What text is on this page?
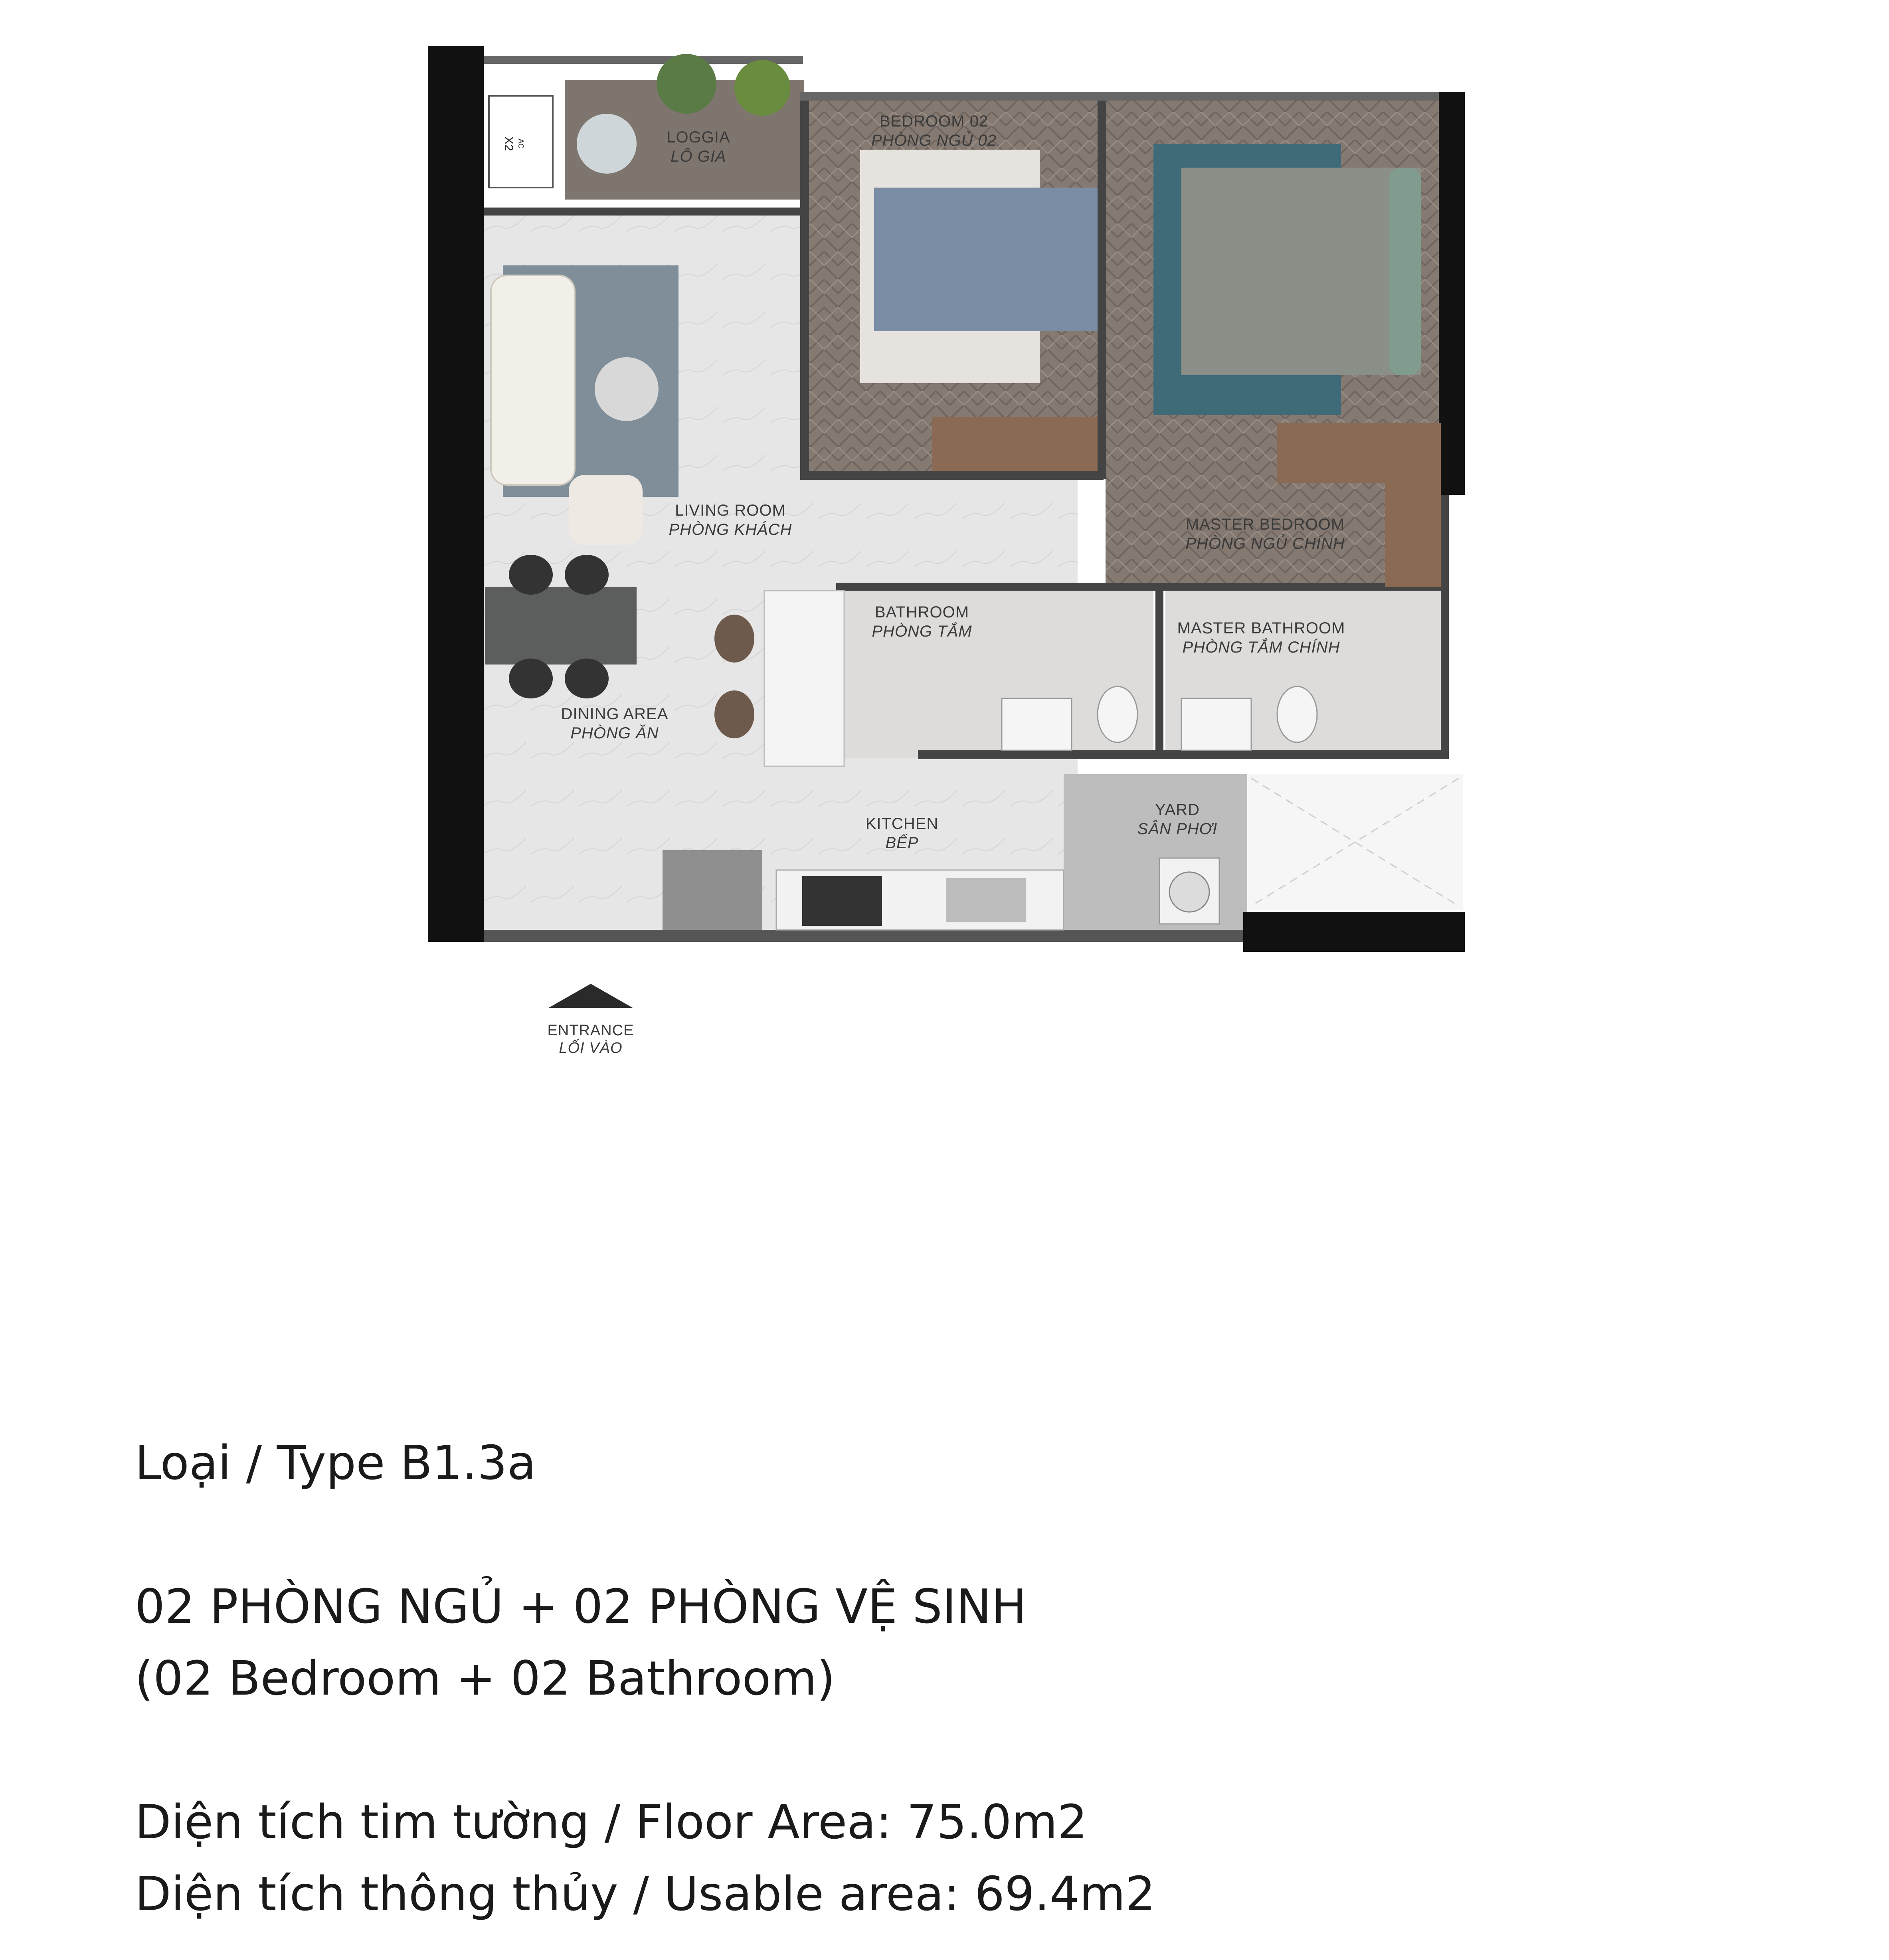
LOGGIA
LÔ GIA
BEDROOM 02
PHÒNG NGỦ 02
MASTER BEDROOM
PHÒNG NGỦ CHÍNH
LIVING ROOM
PHÒNG KHÁCH
BATHROOM
PHÒNG TẮM	MASTER BATHROOM
PHÒNG TẮM CHÍNH
DINING AREA
PHÒNG ĂN
KITCHEN
BẾP
YARD
SÂN PHƠI
ENTRANCE
LỐI VÀO
AC X2
Loại / Type B1.3a
02 PHÒNG NGỦ + 02 PHÒNG VỆ SINH
(02 Bedroom + 02 Bathroom)
Diện tích tim tường / Floor Area: 75.0m2
Diện tích thông thủy / Usable area: 69.4m2
